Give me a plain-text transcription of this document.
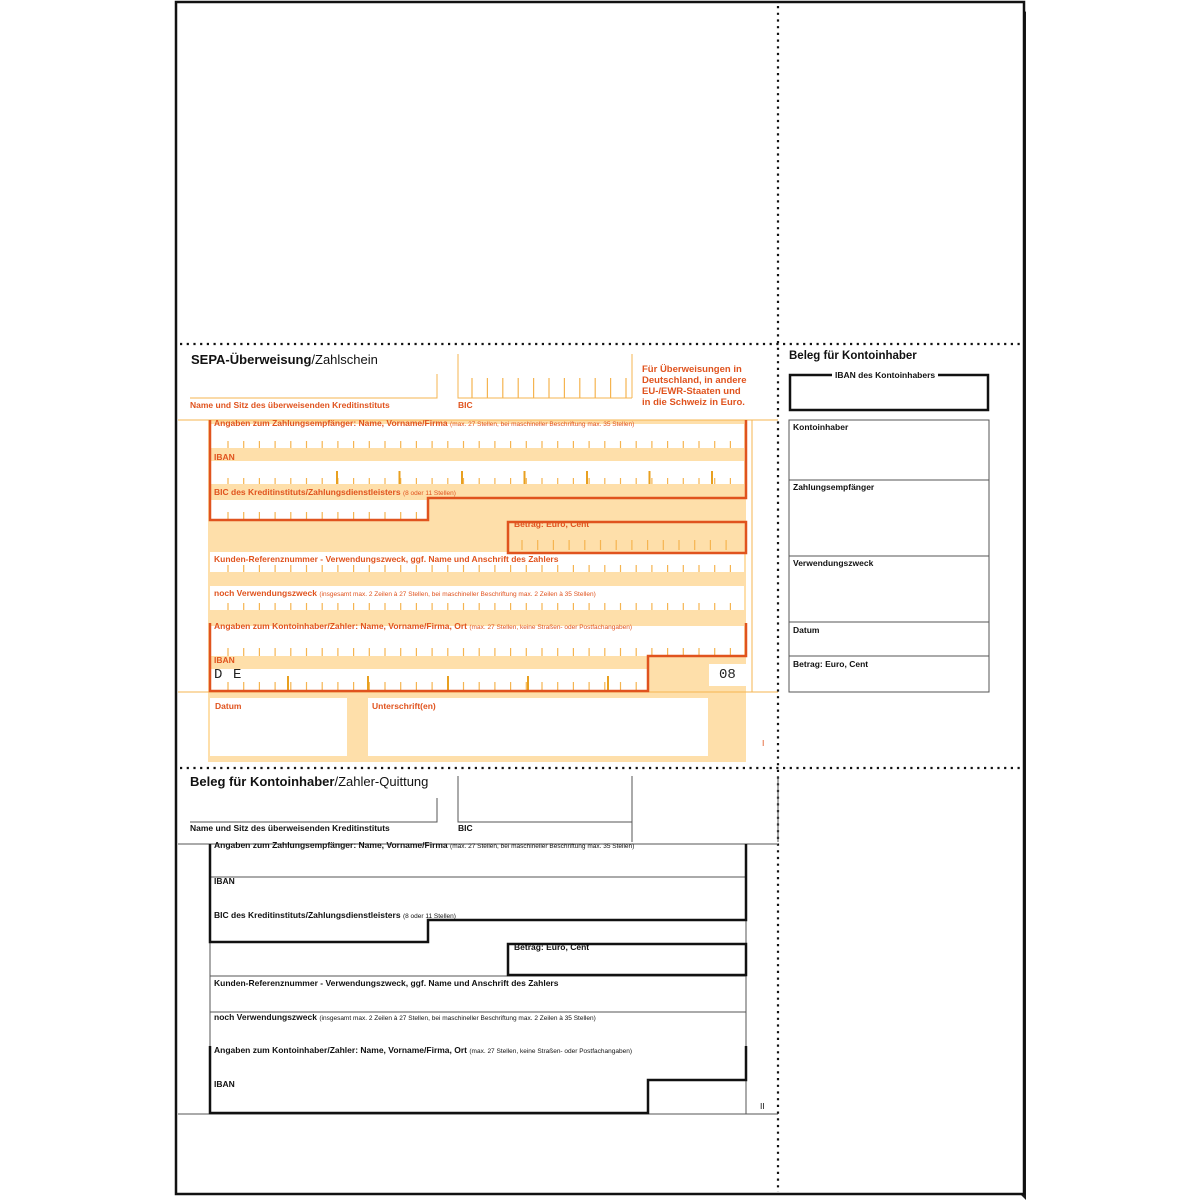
SEPA-Überweisung/Zahlschein
Name und Sitz des überweisenden Kreditinstituts	BIC
Für Überweisungen in
Deutschland, in andere
EU-/EWR-Staaten und
in die Schweiz in Euro.
Angaben zum Zahlungsempfänger: Name, Vorname/Firma (max. 27 Stellen, bei maschineller Beschriftung max. 35 Stellen)
IBAN
BIC des Kreditinstituts/Zahlungsdienstleisters (8 oder 11 Stellen)
Betrag: Euro, Cent
Kunden-Referenznummer - Verwendungszweck, ggf. Name und Anschrift des Zahlers
noch Verwendungszweck (insgesamt max. 2 Zeilen à 27 Stellen, bei maschineller Beschriftung max. 2 Zeilen à 35 Stellen)
Angaben zum Kontoinhaber/Zahler: Name, Vorname/Firma, Ort (max. 27 Stellen, keine Straßen- oder Postfachangaben)
IBAN
D E	08
Datum	Unterschrift(en)
I
Beleg für Kontoinhaber
IBAN des Kontoinhabers
Kontoinhaber
Zahlungsempfänger
Verwendungszweck
Datum
Betrag: Euro, Cent
Beleg für Kontoinhaber/Zahler-Quittung
Name und Sitz des überweisenden Kreditinstituts	BIC
Angaben zum Zahlungsempfänger: Name, Vorname/Firma (max. 27 Stellen, bei maschineller Beschriftung max. 35 Stellen)
IBAN
BIC des Kreditinstituts/Zahlungsdienstleisters (8 oder 11 Stellen)
Betrag: Euro, Cent
Kunden-Referenznummer - Verwendungszweck, ggf. Name und Anschrift des Zahlers
noch Verwendungszweck (insgesamt max. 2 Zeilen à 27 Stellen, bei maschineller Beschriftung max. 2 Zeilen à 35 Stellen)
Angaben zum Kontoinhaber/Zahler: Name, Vorname/Firma, Ort (max. 27 Stellen, keine Straßen- oder Postfachangaben)
IBAN
II
